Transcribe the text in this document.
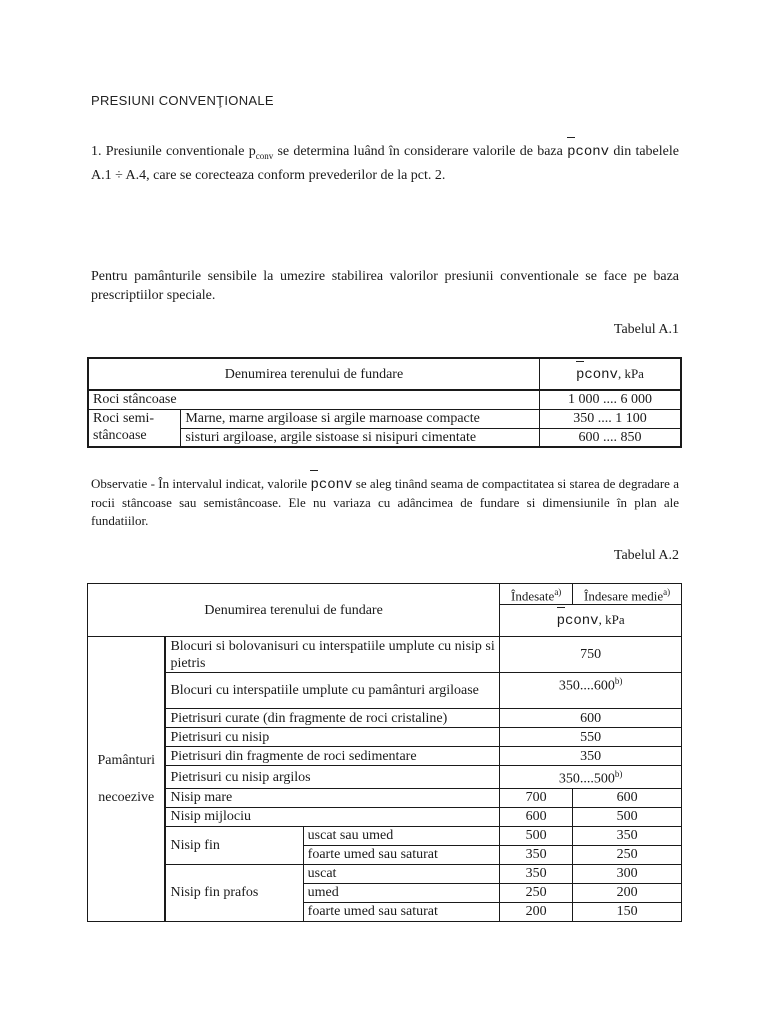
PRESIUNI CONVENŢIONALE
1. Presiunile conventionale $p_{conv}$ se determina luând în considerare valorile de baza
pconv din tabelele A.1 ÷ A.4, care se corecteaza conform prevederilor de la pct. 2.
Pentru pamânturile sensibile la umezire stabilirea valorilor presiunii conventionale se face pe baza prescriptiilor speciale.
Tabelul A.1
Denumirea terenului de fundare		pconv, kPa
Roci stâncoase		1 000 .... 6 000
Roci semi-stâncoase	Marne, marne argiloase si argile marnoase compacte	350 .... 1 100
	sisturi argiloase, argile sistoase si nisipuri cimentate	600 .... 850
Observatie - În intervalul indicat, valorile
pconv se aleg tinând seama de compactitatea si starea de degradare a rocii stâncoase sau semistâncoase. Ele nu variaza cu adâncimea de fundare si dimensiunile în plan ale fundatiilor.
Tabelul A.2
Denumirea terenului de fundare			Îndesate$^{a)}$	Îndesare medie$^{a)}$

pconv, kPa	

Pamânturi
necoezive	Blocuri si bolovanisuri cu interspatiile umplute cu nisip si pietris		750	
	Blocuri cu interspatiile umplute cu pamânturi argiloase		350....600$^{b)}$
	Pietrisuri curate (din fragmente de roci cristaline)		600	
	Pietrisuri cu nisip		550	
	Pietrisuri din fragmente de roci sedimentare		350	
	Pietrisuri cu nisip argilos		350....500$^{b)}$
	Nisip mare		700	600
	Nisip mijlociu		600	500
	Nisip fin	uscat sau umed	500	350
		foarte umed sau saturat	350	250
	Nisip fin prafos	uscat	350	300
		umed	250	200
		foarte umed sau saturat	200	150
